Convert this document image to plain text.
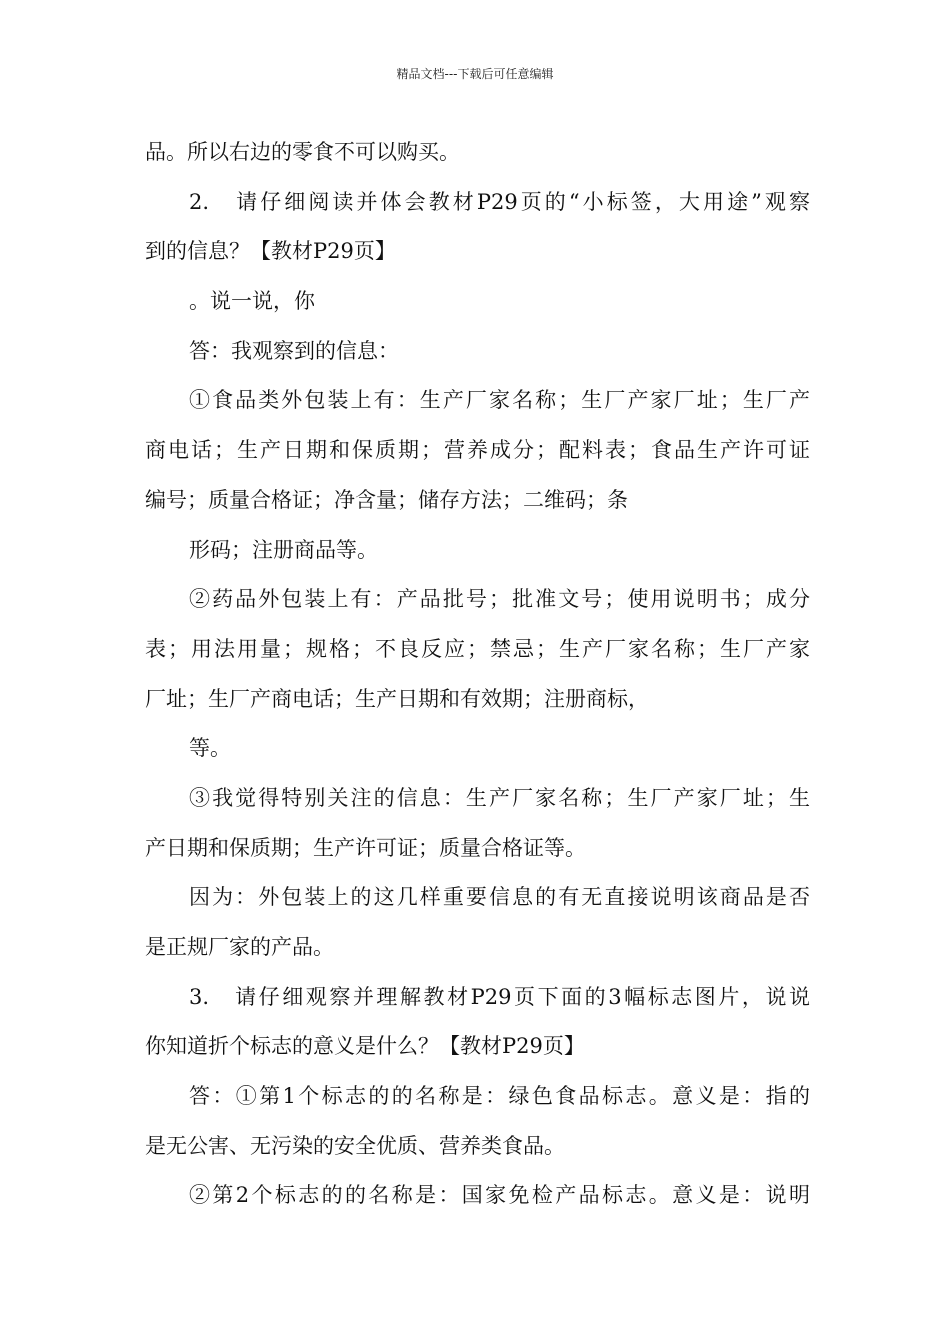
精品文档---下载后可任意编辑
品。所以右边的零食不可以购买。
2.　请仔细阅读并体会教材P29页的“小标签，大用途”观察
到的信息？【教材P29页】
。说一说，你
答：我观察到的信息：
①食品类外包装上有：生产厂家名称；生厂产家厂址；生厂产
商电话；生产日期和保质期；营养成分；配料表；食品生产许可证
编号；质量合格证；净含量；储存方法；二维码；条
形码；注册商品等。
②药品外包装上有：产品批号；批准文号；使用说明书；成分
表；用法用量；规格；不良反应；禁忌；生产厂家名称；生厂产家
厂址；生厂产商电话；生产日期和有效期；注册商标，
等。
③我觉得特别关注的信息：生产厂家名称；生厂产家厂址；生
产日期和保质期；生产许可证；质量合格证等。
因为：外包装上的这几样重要信息的有无直接说明该商品是否
是正规厂家的产品。
3.　请仔细观察并理解教材P29页下面的3幅标志图片，说说
你知道折个标志的意义是什么？【教材P29页】
答：①第1个标志的的名称是：绿色食品标志。意义是：指的
是无公害、无污染的安全优质、营养类食品。
②第2个标志的的名称是：国家免检产品标志。意义是：说明
